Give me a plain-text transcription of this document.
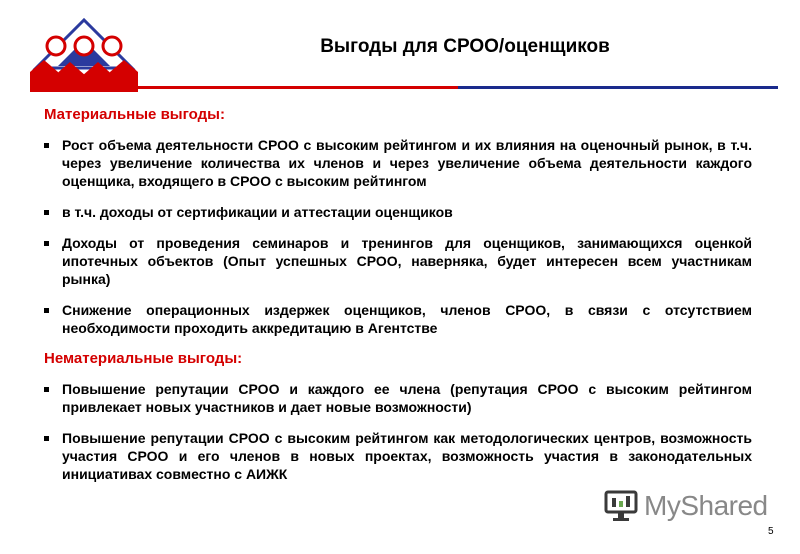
Выгоды для СРОО/оценщиков
Материальные выгоды:
Рост объема деятельности СРОО с высоким рейтингом и их влияния на оценочный рынок, в т.ч. через увеличение количества их членов и через увеличение объема деятельности каждого оценщика, входящего в СРОО с высоким рейтингом
в т.ч. доходы от сертификации и аттестации оценщиков
Доходы от проведения семинаров и тренингов для оценщиков, занимающихся оценкой ипотечных объектов (Опыт успешных СРОО, наверняка, будет интересен всем участникам рынка)
Снижение операционных издержек оценщиков, членов СРОО, в связи с отсутствием необходимости проходить аккредитацию в Агентстве
Нематериальные выгоды:
Повышение репутации СРОО и каждого ее члена (репутация СРОО с высоким рейтингом привлекает новых участников и дает новые возможности)
Повышение репутации СРОО с высоким рейтингом как методологических центров, возможность участия СРОО и его членов в новых проектах, возможность участия в законодательных инициативах совместно с АИЖК
MyShared
5
